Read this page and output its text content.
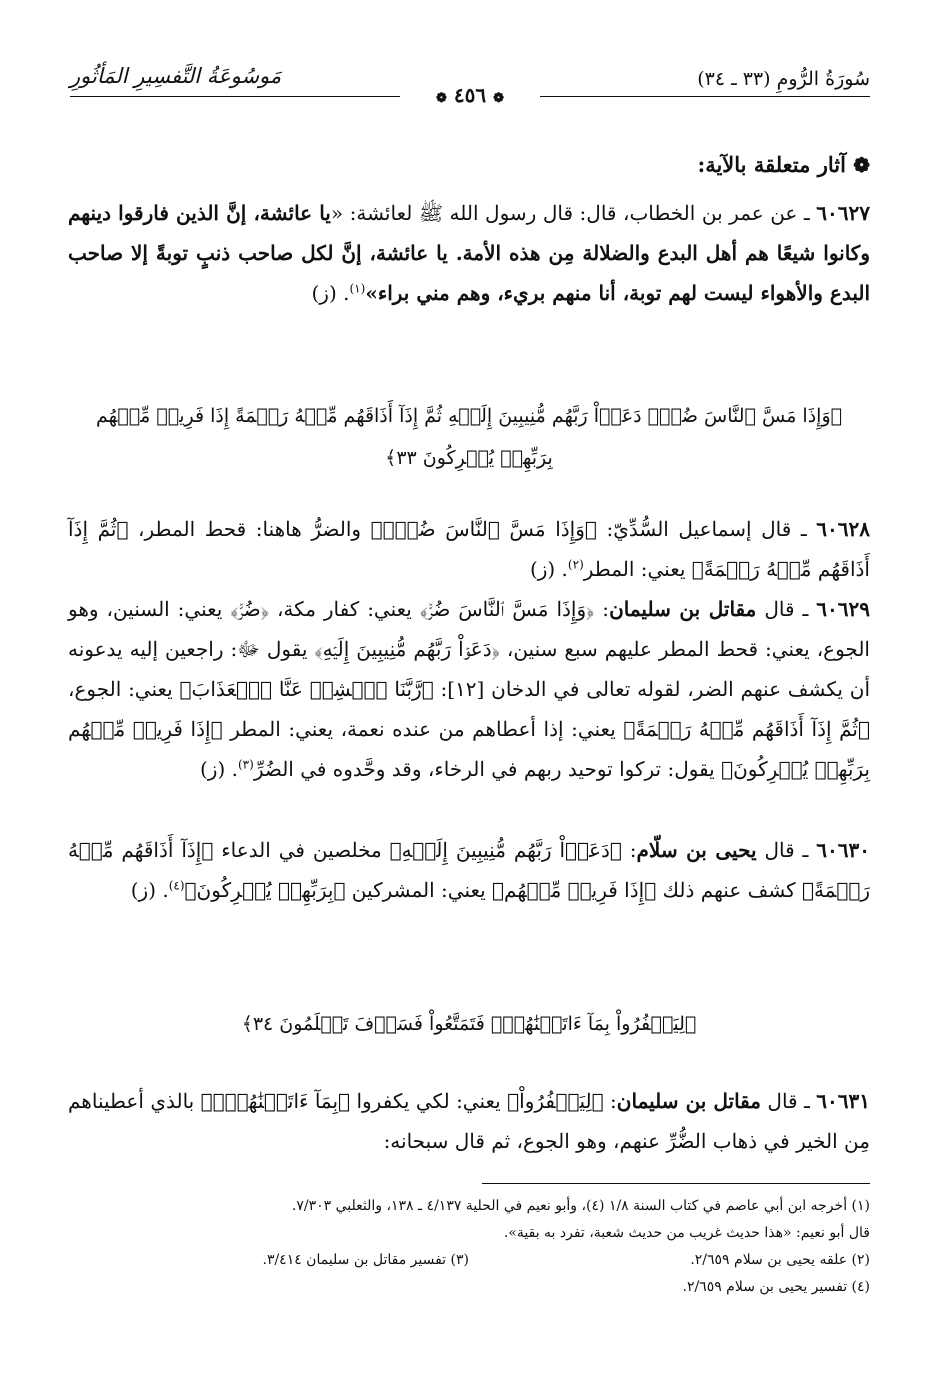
سُورَةُ الرُّومِ (٣٣ ـ ٣٤)
مَوسُوعَةُ التَّفسِيرِ المَأثُورِ
❁ ٤٥٦ ❁
❁ آثار متعلقة بالآية:
٦٠٦٢٧ ـ عن عمر بن الخطاب، قال: قال رسول الله ﷺ لعائشة: «يا عائشة، إنَّ الذين فارقوا دينهم وكانوا شيعًا هم أهل البدع والضلالة مِن هذه الأمة. يا عائشة، إنَّ لكل صاحب ذنبٍ توبةً إلا صاحب البدع والأهواء ليست لهم توبة، أنا منهم بريء، وهم مني براء»$^{(١)}$. (ز)
﴿وَإِذَا مَسَّ ٱلنَّاسَ ضُرّٞ دَعَوۡاْ رَبَّهُم مُّنِيبِينَ إِلَيۡهِ ثُمَّ إِذَآ أَذَاقَهُم مِّنۡهُ رَحۡمَةً إِذَا فَرِيقٞ مِّنۡهُم بِرَبِّهِمۡ يُشۡرِكُونَ ٣٣﴾
٦٠٦٢٨ ـ قال إسماعيل السُّدِّيّ: ﴿وَإِذَا مَسَّ ٱلنَّاسَ ضُرّٞ﴾ والضرُّ هاهنا: قحط المطر، ﴿ثُمَّ إِذَآ أَذَاقَهُم مِّنۡهُ رَحۡمَةً﴾ يعني: المطر$^{(٢)}$. (ز)
٦٠٦٢٩ ـ قال مقاتل بن سليمان: ﴿وَإِذَا مَسَّ ٱلنَّاسَ ضُرّٞ﴾ يعني: كفار مكة، ﴿ضُرّٞ﴾ يعني: السنين، وهو الجوع، يعني: قحط المطر عليهم سبع سنين، ﴿دَعَوۡاْ رَبَّهُم مُّنِيبِينَ إِلَيۡهِ﴾ يقول ﷻ: راجعين إليه يدعونه أن يكشف عنهم الضر، لقوله تعالى في الدخان [١٢]: ﴿رَّبَّنَا ٱكۡشِفۡ عَنَّا ٱلۡعَذَابَ﴾ يعني: الجوع، ﴿ثُمَّ إِذَآ أَذَاقَهُم مِّنۡهُ رَحۡمَةً﴾ يعني: إذا أعطاهم من عنده نعمة، يعني: المطر ﴿إِذَا فَرِيقٞ مِّنۡهُم بِرَبِّهِمۡ يُشۡرِكُونَ﴾ يقول: تركوا توحيد ربهم في الرخاء، وقد وحَّدوه في الضُرِّ$^{(٣)}$. (ز)
٦٠٦٣٠ ـ قال يحيى بن سلّام: ﴿دَعَوۡاْ رَبَّهُم مُّنِيبِينَ إِلَيۡهِ﴾ مخلصين في الدعاء ﴿إِذَآ أَذَاقَهُم مِّنۡهُ رَحۡمَةً﴾ كشف عنهم ذلك ﴿إِذَا فَرِيقٞ مِّنۡهُم﴾ يعني: المشركين ﴿بِرَبِّهِمۡ يُشۡرِكُونَ﴾$^{(٤)}$. (ز)
﴿لِيَكۡفُرُواْ بِمَآ ءَاتَيۡنَٰهُمۡۚ فَتَمَتَّعُواْ فَسَوۡفَ تَعۡلَمُونَ ٣٤﴾
٦٠٦٣١ ـ قال مقاتل بن سليمان: ﴿لِيَكۡفُرُواْ﴾ يعني: لكي يكفروا ﴿بِمَآ ءَاتَيۡنَٰهُمۡۚ﴾ بالذي أعطيناهم مِن الخير في ذهاب الضُّرِّ عنهم، وهو الجوع، ثم قال سبحانه:
(١) أخرجه ابن أبي عاصم في كتاب السنة ١/٨ (٤)، وأبو نعيم في الحلية ٤/١٣٧ ـ ١٣٨، والثعلبي ٧/٣٠٣.
قال أبو نعيم: «هذا حديث غريب من حديث شعبة، تفرد به بقية».
(٢) علقه يحيى بن سلام ٢/٦٥٩.
(٣) تفسير مقاتل بن سليمان ٣/٤١٤.
(٤) تفسير يحيى بن سلام ٢/٦٥٩.
